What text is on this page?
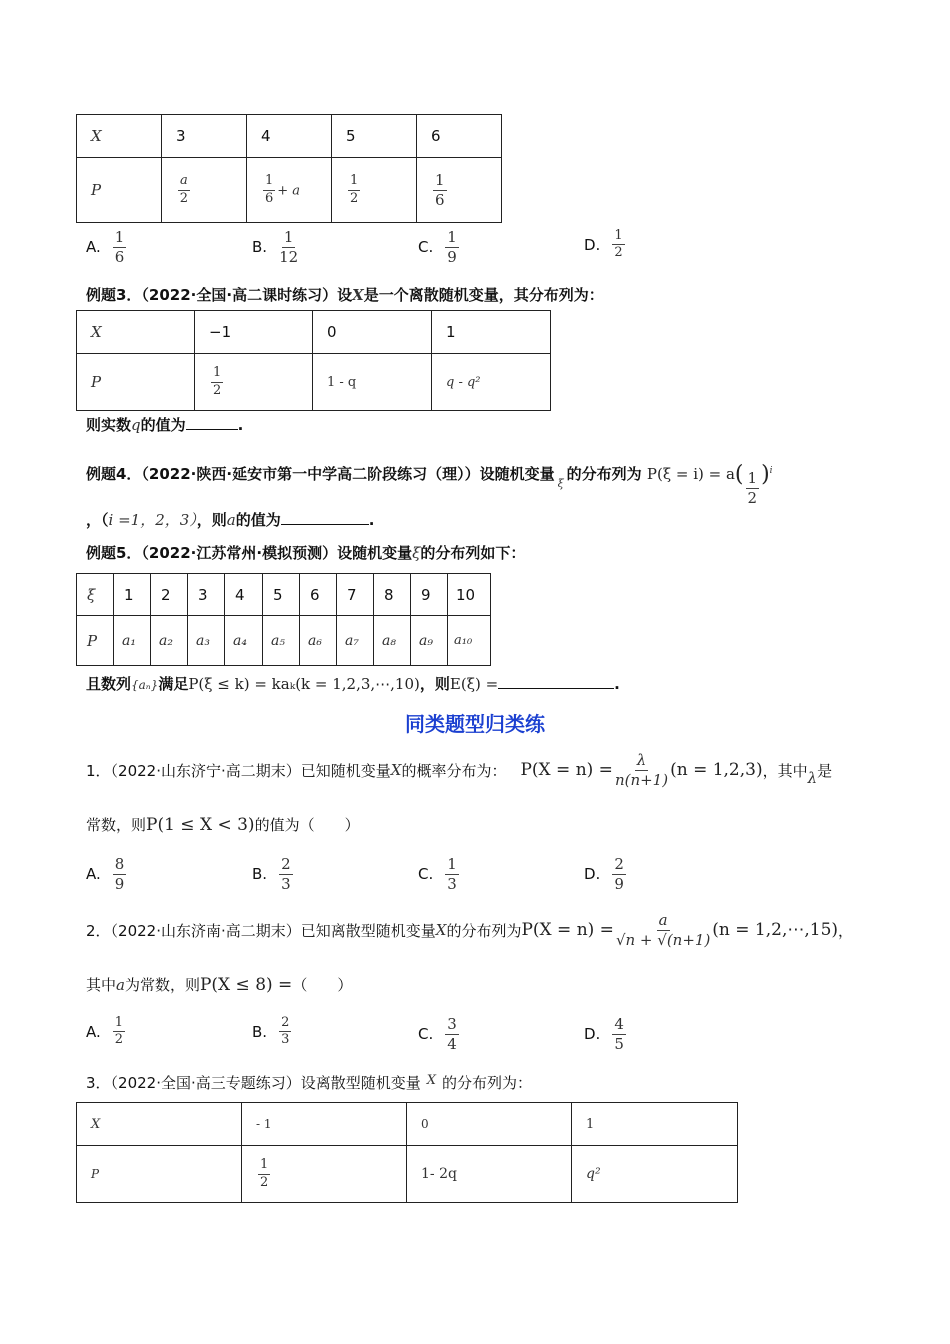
X	3	4	5	6
P	$\frac{a}{2}$	$\frac{1}{6} + a$	$\frac{1}{2}$	$\frac{1}{6}$
A. $\frac{1}{6}$	B. $\frac{1}{12}$	C. $\frac{1}{9}$	D. $\frac{1}{2}$
例题3．（2022·全国·高二课时练习）设X是一个离散随机变量，其分布列为：
X	−1	0	1
P	$\frac{1}{2}$	1 - q	q - q²
则实数q的值为	.
例题4．（2022·陕西·延安市第一中学高二阶段练习（理））设随机变量$_\xi$的分布列为 $P(\xi = i) = a( \frac{1}{2} )^i$
，（i =1，2，3），则a的值为	.
例题5．（2022·江苏常州·模拟预测）设随机变量ξ的分布列如下：
ξ	1	2	3	4	5	6	7	8	9	10
P	a₁	a₂	a₃	a₄	a₅	a₆	a₇	a₈	a₉	a₁₀
且数列{aₙ}满足P(ξ ≤ k) = kaₖ(k = 1,2,3,⋯,10)，则E(ξ) =	.
同类题型归类练
1．（2022·山东济宁·高二期末）已知随机变量 X 的概率分布为： $P(X = n) = \frac{\lambda}{n(n+1)} (n = 1,2,3)$ ，其中 λ 是
常数，则P(1 ≤ X < 3)的值为（　　）
A. $\frac{8}{9}$	B. $\frac{2}{3}$	C. $\frac{1}{3}$	D. $\frac{2}{9}$
2．（2022·山东济南·高二期末）已知离散型随机变量 X 的分布列为 $P(X = n) = \frac{a}{√n + √(n+1)} (n$ = 1,2,⋯,15) ，
其中a为常数，则P(X ≤ 8) =（　　）
A. $\frac{1}{2}$	B. $\frac{2}{3}$	C. $\frac{3}{4}$	D. $\frac{4}{5}$
3．（2022·全国·高三专题练习）设离散型随机变量 X 的分布列为：
X	- 1	0	1
P	$\frac{1}{2}$	1- 2q	q²
